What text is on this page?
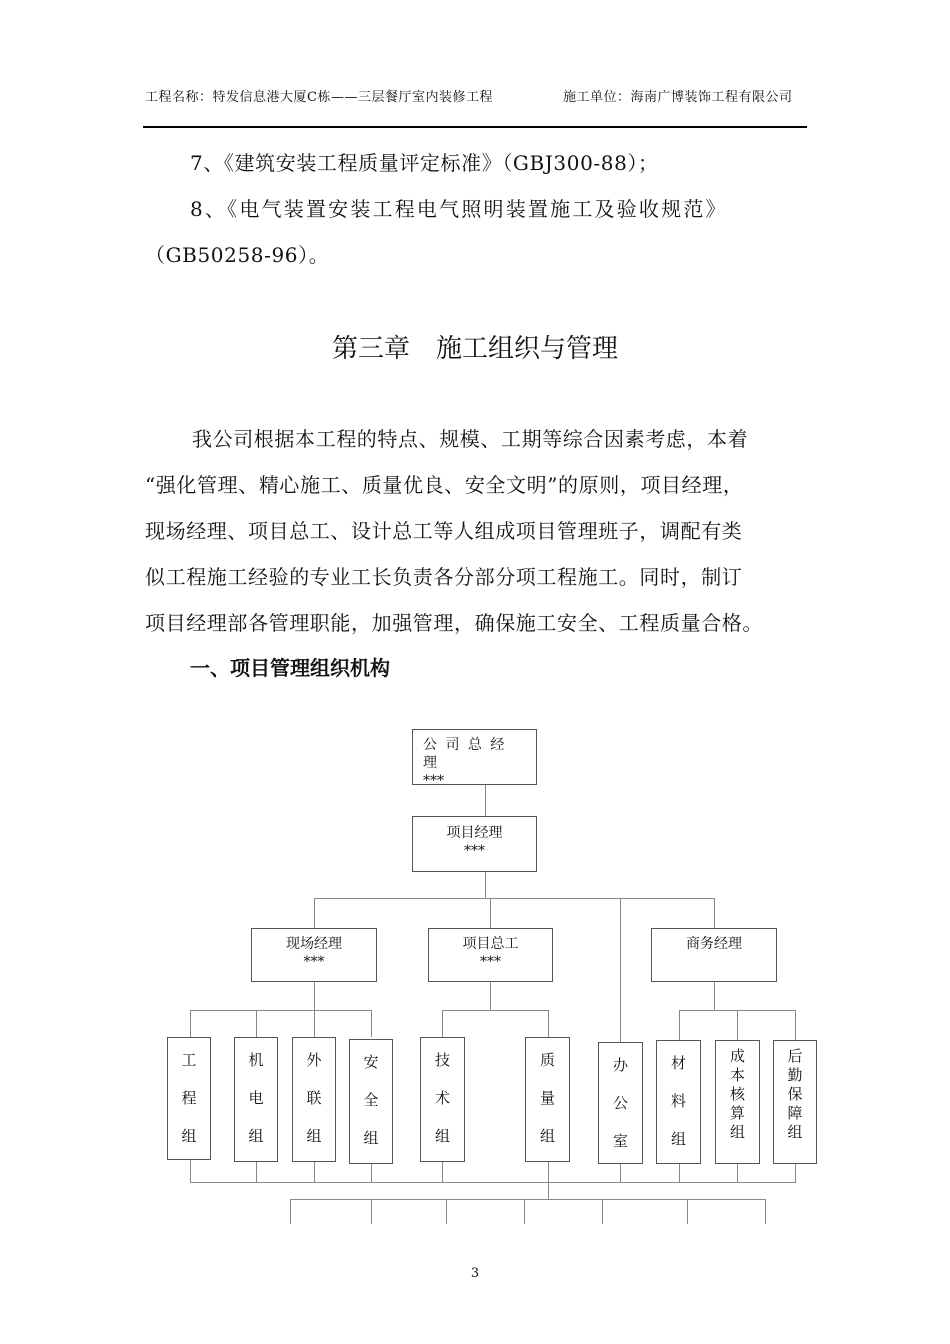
工程名称：特发信息港大厦C栋——三层餐厅室内装修工程	施工单位：海南广博装饰工程有限公司
7、《建筑安装工程质量评定标准》（GBJ300-88）；
8、《电气装置安装工程电气照明装置施工及验收规范》
（GB50258-96）。
第三章　施工组织与管理
我公司根据本工程的特点、规模、工期等综合因素考虑，本着
“强化管理、精心施工、质量优良、安全文明”的原则，项目经理，
现场经理、项目总工、设计总工等人组成项目管理班子，调配有类
似工程施工经验的专业工长负责各分部分项工程施工。同时，制订
项目经理部各管理职能，加强管理，确保施工安全、工程质量合格。
一、项目管理组织机构
公 司 总 经 理
***
项目经理
***
现场经理
***
项目总工
***
商务经理
工
程
组
机
电
组
外
联
组
安
全
组
技
术
组
质
量
组
办
公
室
材
料
组
成本
核算
组
后勤
保障
组
3
